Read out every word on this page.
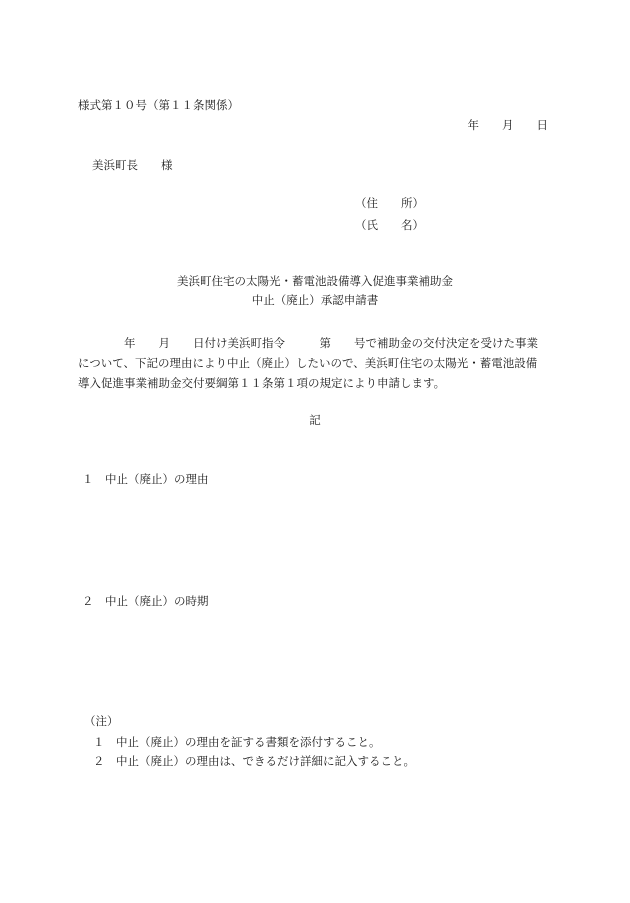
様式第１０号（第１１条関係）
年　　月　　日
美浜町長　　様
（住　　所）
（氏　　名）
美浜町住宅の太陽光・蓄電池設備導入促進事業補助金
中止（廃止）承認申請書
　　　　年　　月　　日付け美浜町指令　　　第　　号で補助金の交付決定を受けた事業
について、下記の理由により中止（廃止）したいので、美浜町住宅の太陽光・蓄電池設備
導入促進事業補助金交付要綱第１１条第１項の規定により申請します。
記
１　中止（廃止）の理由
２　中止（廃止）の時期
（注）
１　中止（廃止）の理由を証する書類を添付すること。
２　中止（廃止）の理由は、できるだけ詳細に記入すること。
